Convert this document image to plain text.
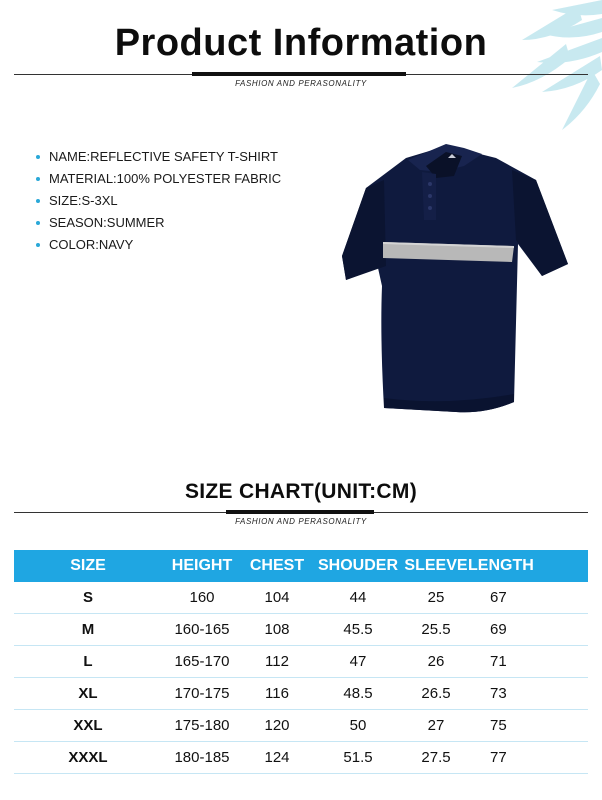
Product Information
FASHION AND PERASONALITY
NAME:REFLECTIVE SAFETY T-SHIRT
MATERIAL:100% POLYESTER FABRIC
SIZE:S-3XL
SEASON:SUMMER
COLOR:NAVY
SIZE CHART(UNIT:CM)
FASHION AND PERASONALITY
SIZE	HEIGHT	CHEST	SHOUDER	SLEEVE	LENGTH
S	160	104	44	25	67
M	160-165	108	45.5	25.5	69
L	165-170	112	47	26	71
XL	170-175	116	48.5	26.5	73
XXL	175-180	120	50	27	75
XXXL	180-185	124	51.5	27.5	77
